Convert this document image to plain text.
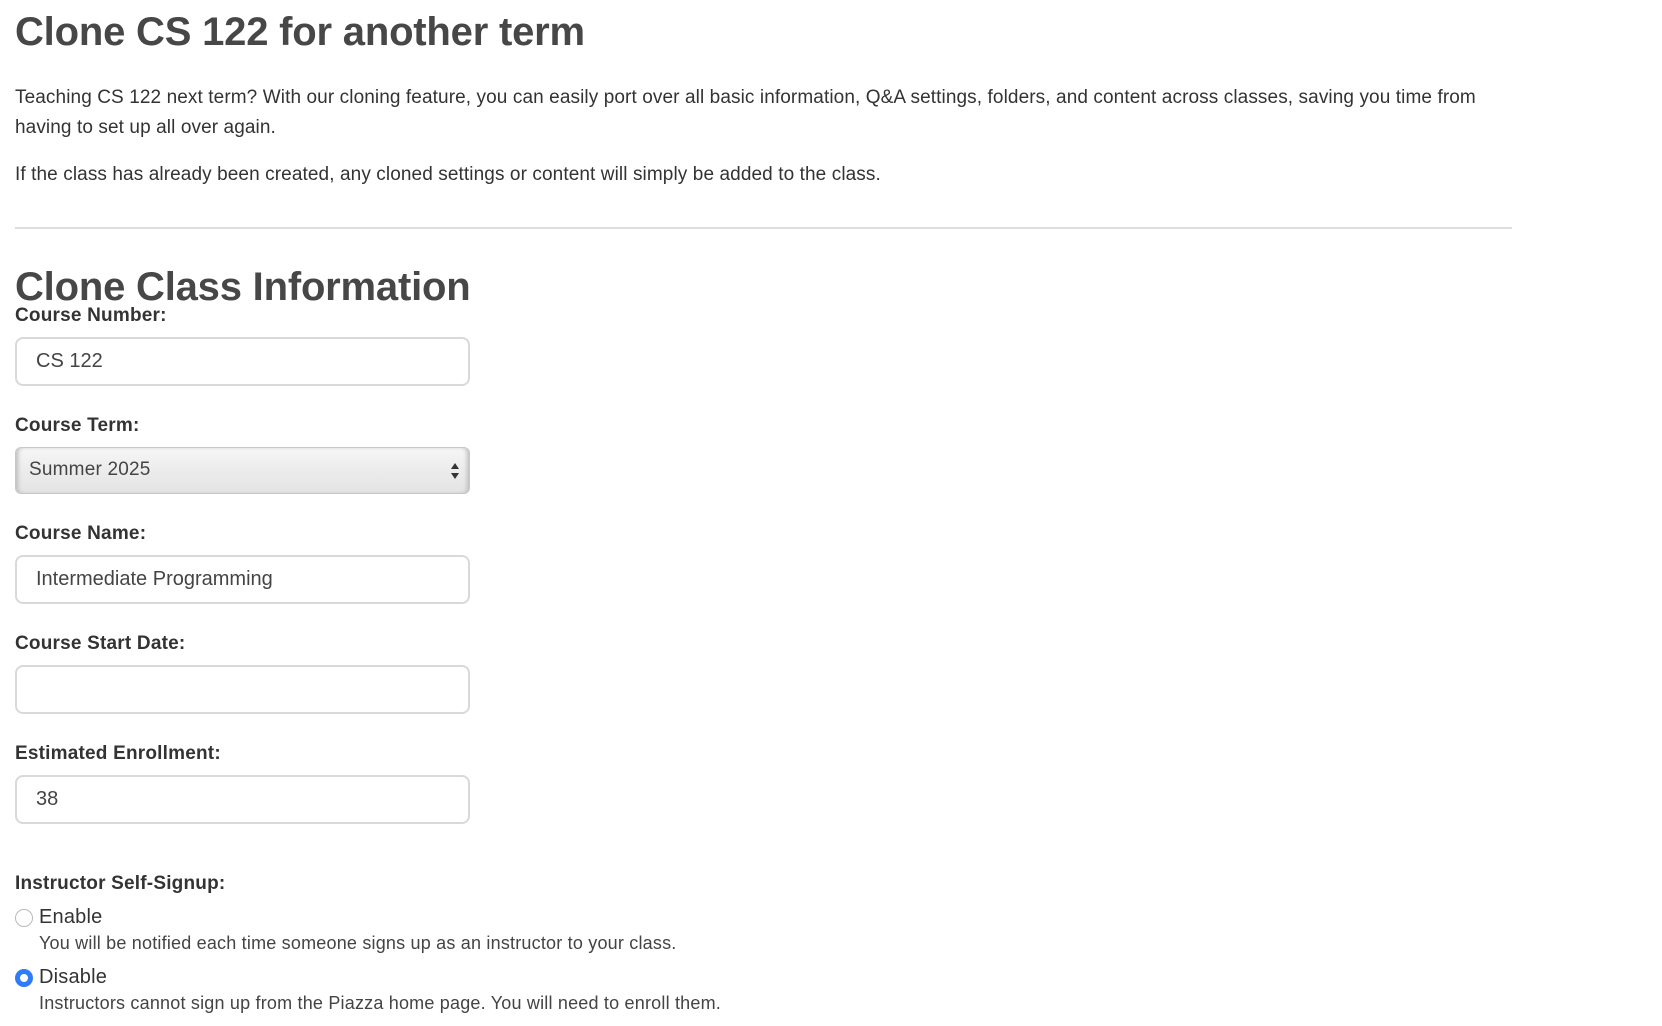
Clone CS 122 for another term

Teaching CS 122 next term? With our cloning feature, you can easily port over all basic information, Q&A settings, folders, and content across classes, saving you time from having to set up all over again.

If the class has already been created, any cloned settings or content will simply be added to the class.

Clone Class Information
Course Number:
CS 122
Course Term:
Summer 2025
Course Name:
Intermediate Programming
Course Start Date:
Estimated Enrollment:
38
Instructor Self-Signup:
Enable
You will be notified each time someone signs up as an instructor to your class.
Disable
Instructors cannot sign up from the Piazza home page. You will need to enroll them.
